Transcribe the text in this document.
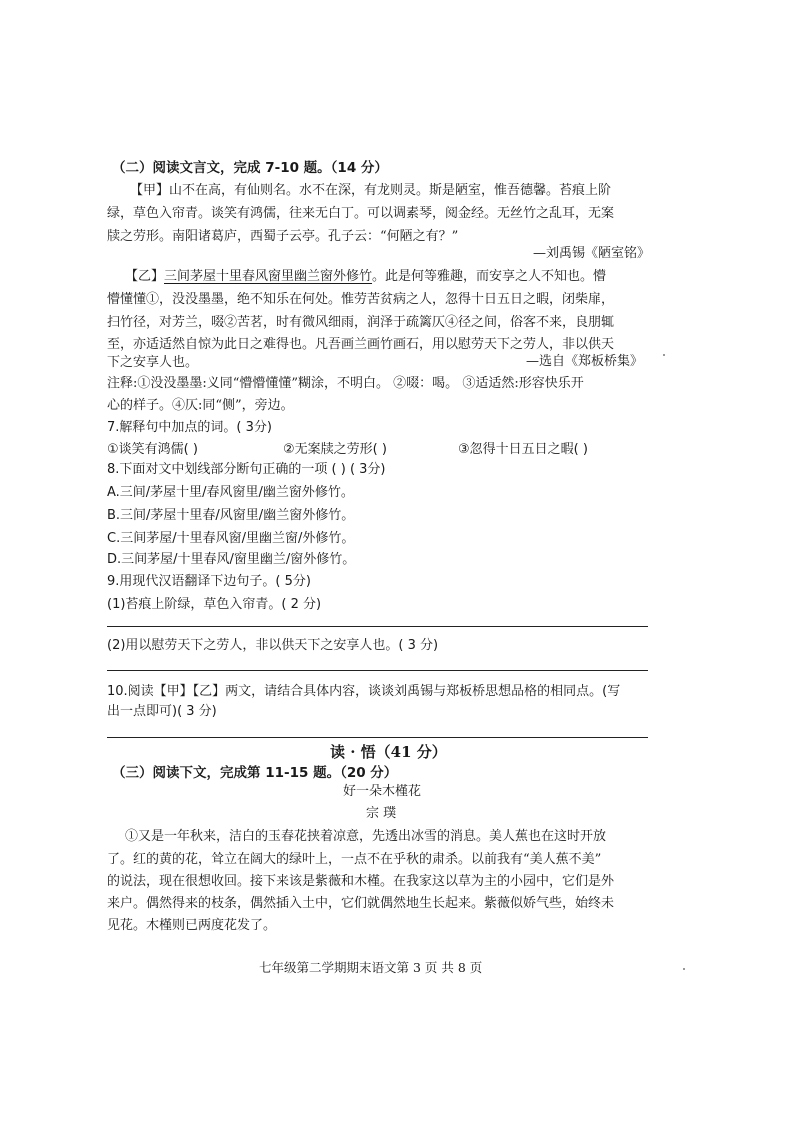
（二）阅读文言文，完成 7-10 题。（14 分）
【甲】山不在高，有仙则名。水不在深，有龙则灵。斯是陋室，惟吾德馨。苔痕上阶
绿，草色入帘青。谈笑有鸿儒，往来无白丁。可以调素琴，阅金经。无丝竹之乱耳，无案
牍之劳形。南阳诸葛庐，西蜀子云亭。孔子云：“何陋之有？”
—刘禹锡《陋室铭》
【乙】三间茅屋十里春风窗里幽兰窗外修竹。此是何等雅趣，而安享之人不知也。懵
懵懂懂①，没没墨墨，绝不知乐在何处。惟劳苦贫病之人，忽得十日五日之暇，闭柴扉，
扫竹径，对芳兰，啜②苦茗，时有微风细雨，润泽于疏篱仄④径之间，俗客不来，良朋辄
至，亦适适然自惊为此日之难得也。凡吾画兰画竹画石，用以慰劳天下之劳人，非以供天
下之安享人也。	—选自《郑板桥集》
注释:①没没墨墨:义同“懵懵懂懂”糊涂，不明白。 ②啜：喝。 ③适适然:形容快乐开
心的样子。④仄:同“侧”，旁边。
7.解释句中加点的词。( 3分)
①谈笑有鸿儒( )	②无案牍之劳形( )	③忽得十日五日之暇( )
8.下面对文中划线部分断句正确的一项 ( ) ( 3分)
A.三间/茅屋十里/春风窗里/幽兰窗外修竹。
B.三间/茅屋十里春/风窗里/幽兰窗外修竹。
C.三间茅屋/十里春风窗/里幽兰窗/外修竹。
D.三间茅屋/十里春风/窗里幽兰/窗外修竹。
9.用现代汉语翻译下边句子。( 5分)
(1)苔痕上阶绿，草色入帘青。( 2 分)
(2)用以慰劳天下之劳人，非以供天下之安享人也。( 3 分)
10.阅读【甲】【乙】两文，请结合具体内容，谈谈刘禹锡与郑板桥思想品格的相同点。(写
出一点即可)( 3 分)
读 · 悟（41 分）
（三）阅读下文，完成第 11-15 题。（20 分）
好一朵木槿花
宗 璞
①又是一年秋来，洁白的玉春花挟着凉意，先透出冰雪的消息。美人蕉也在这时开放
了。红的黄的花，耸立在阔大的绿叶上，一点不在乎秋的肃杀。以前我有“美人蕉不美”
的说法，现在很想收回。接下来该是紫薇和木槿。在我家这以草为主的小园中，它们是外
来户。偶然得来的枝条，偶然插入土中，它们就偶然地生长起来。紫薇似娇气些，始终未
见花。木槿则已两度花发了。
七年级第二学期期末语文第 3 页 共 8 页
